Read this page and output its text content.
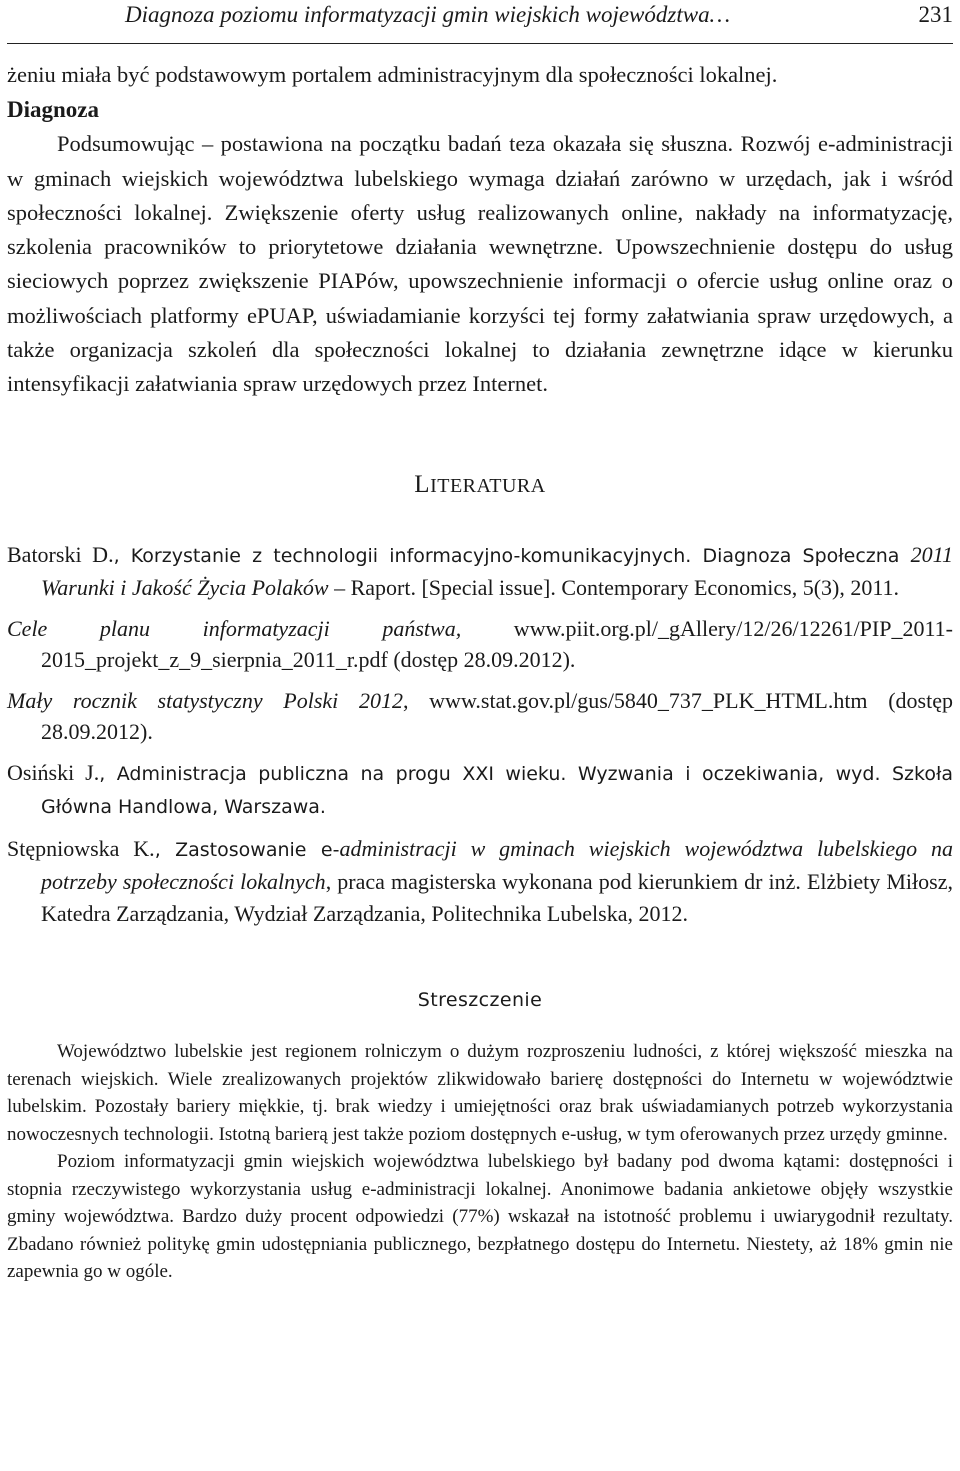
Diagnoza poziomu informatyzacji gmin wiejskich województwa…	231

żeniu miała być podstawowym portalem administracyjnym dla społeczności lokalnej.

Diagnoza

Podsumowując – postawiona na początku badań teza okazała się słuszna. Rozwój e-administracji w gminach wiejskich województwa lubelskiego wymaga działań zarówno w urzędach, jak i wśród społeczności lokalnej. Zwiększenie oferty usług realizowanych online, nakłady na informatyzację, szkolenia pracowników to priorytetowe działania wewnętrzne. Upowszechnienie dostępu do usług sieciowych poprzez zwiększenie PIAPów, upowszechnienie informacji o ofercie usług online oraz o możliwościach platformy ePUAP, uświadamianie korzyści tej formy załatwiania spraw urzędowych, a także organizacja szkoleń dla społeczności lokalnej to działania zewnętrzne idące w kierunku intensyfikacji załatwiania spraw urzędowych przez Internet.

LITERATURA

Batorski D., Korzystanie z technologii informacyjno-komunikacyjnych. Diagnoza Społeczna 2011 Warunki i Jakość Życia Polaków – Raport. [Special issue]. Contemporary Economics, 5(3), 2011.

Cele planu informatyzacji państwa, www.piit.org.pl/_gAllery/12/26/12261/PIP_2011-2015_projekt_z_9_sierpnia_2011_r.pdf (dostęp 28.09.2012).

Mały rocznik statystyczny Polski 2012, www.stat.gov.pl/gus/5840_737_PLK_HTML.htm (dostęp 28.09.2012).

Osiński J., Administracja publiczna na progu XXI wieku. Wyzwania i oczekiwania, wyd. Szkoła Główna Handlowa, Warszawa.

Stępniowska K., Zastosowanie e-administracji w gminach wiejskich województwa lubelskiego na potrzeby społeczności lokalnych, praca magisterska wykonana pod kierunkiem dr inż. Elżbiety Miłosz, Katedra Zarządzania, Wydział Zarządzania, Politechnika Lubelska, 2012.

Streszczenie

Województwo lubelskie jest regionem rolniczym o dużym rozproszeniu ludności, z której większość mieszka na terenach wiejskich. Wiele zrealizowanych projektów zlikwidowało barierę dostępności do Internetu w województwie lubelskim. Pozostały bariery miękkie, tj. brak wiedzy i umiejętności oraz brak uświadamianych potrzeb wykorzystania nowoczesnych technologii. Istotną barierą jest także poziom dostępnych e-usług, w tym oferowanych przez urzędy gminne.

Poziom informatyzacji gmin wiejskich województwa lubelskiego był badany pod dwoma kątami: dostępności i stopnia rzeczywistego wykorzystania usług e-administracji lokalnej. Anonimowe badania ankietowe objęły wszystkie gminy województwa. Bardzo duży procent odpowiedzi (77%) wskazał na istotność problemu i uwiarygodnił rezultaty. Zbadano również politykę gmin udostępniania publicznego, bezpłatnego dostępu do Internetu. Niestety, aż 18% gmin nie zapewnia go w ogóle.
